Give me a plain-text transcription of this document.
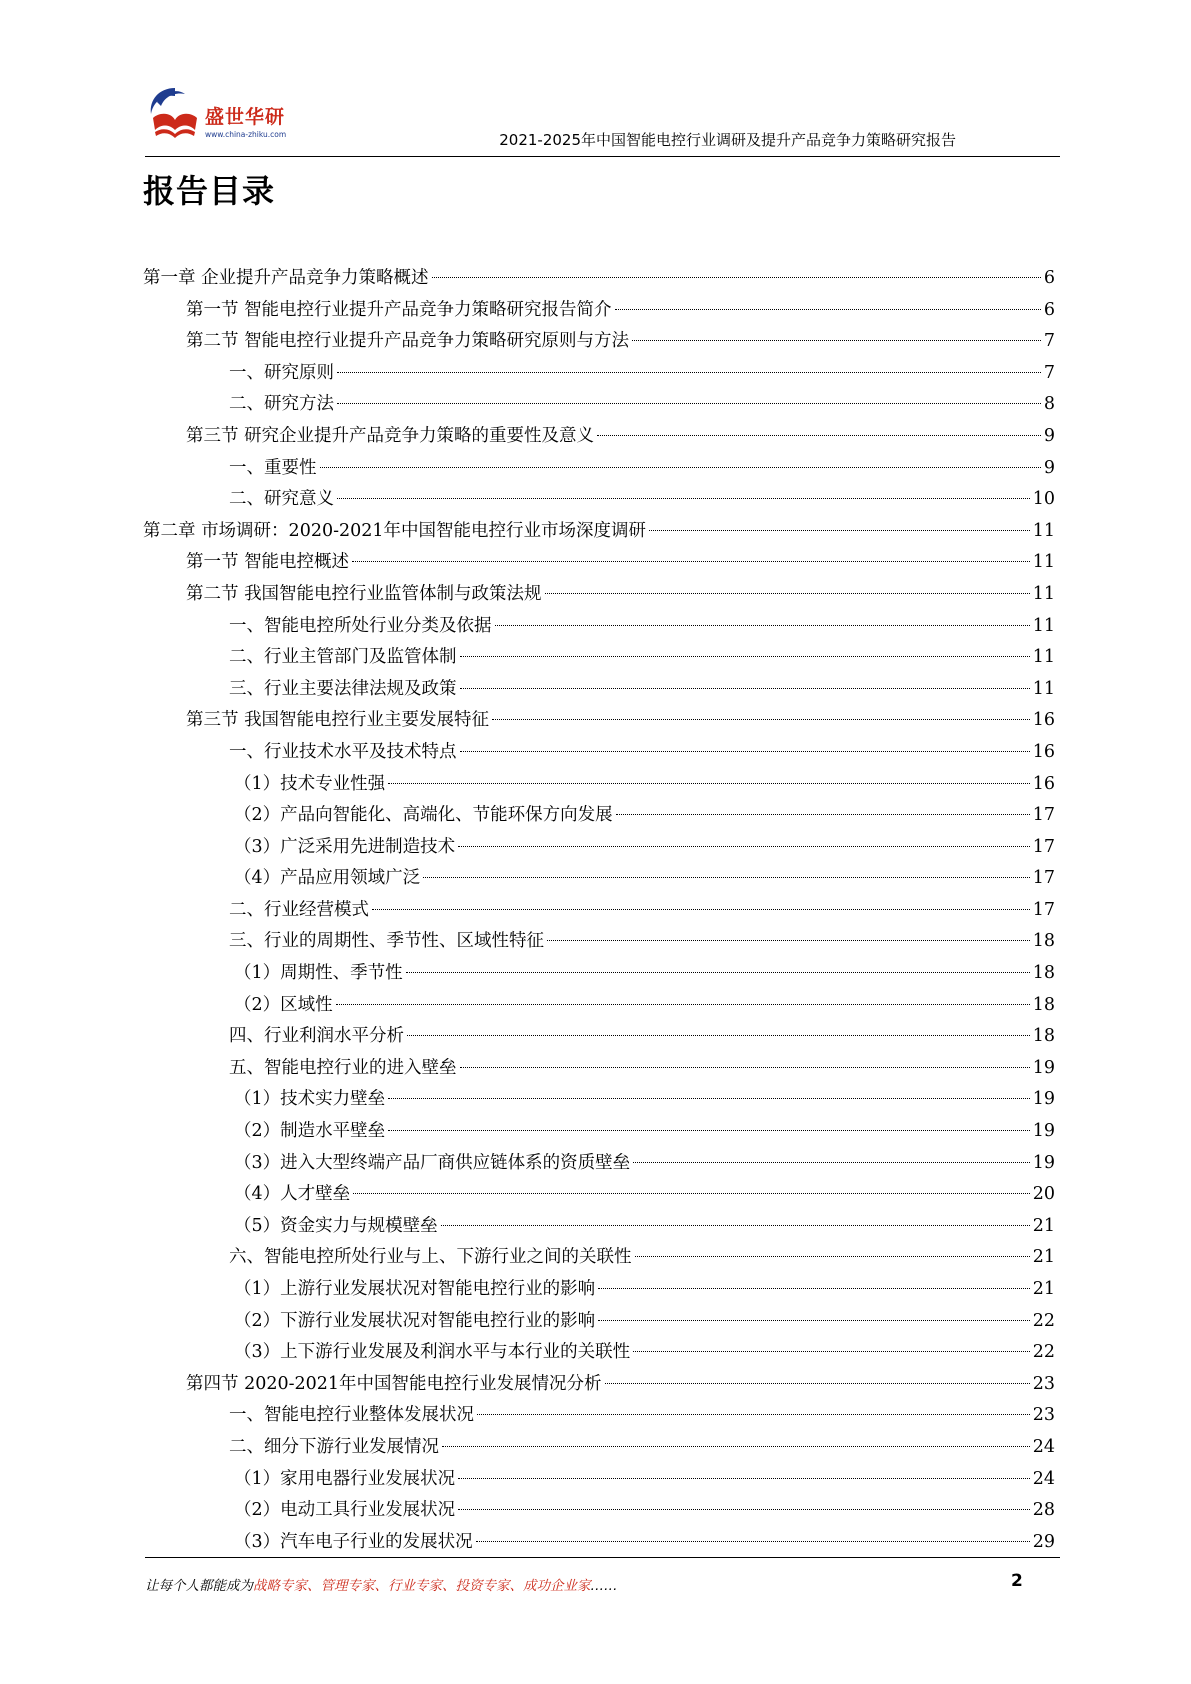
盛世华研
www.china-zhiku.com	2021-2025年中国智能电控行业调研及提升产品竞争力策略研究报告
报告目录
第一章 企业提升产品竞争力策略概述	6
第一节 智能电控行业提升产品竞争力策略研究报告简介	6
第二节 智能电控行业提升产品竞争力策略研究原则与方法	7
一、研究原则	7
二、研究方法	8
第三节 研究企业提升产品竞争力策略的重要性及意义	9
一、重要性	9
二、研究意义	10
第二章 市场调研：2020-2021年中国智能电控行业市场深度调研	11
第一节 智能电控概述	11
第二节 我国智能电控行业监管体制与政策法规	11
一、智能电控所处行业分类及依据	11
二、行业主管部门及监管体制	11
三、行业主要法律法规及政策	11
第三节 我国智能电控行业主要发展特征	16
一、行业技术水平及技术特点	16
（1）技术专业性强	16
（2）产品向智能化、高端化、节能环保方向发展	17
（3）广泛采用先进制造技术	17
（4）产品应用领域广泛	17
二、行业经营模式	17
三、行业的周期性、季节性、区域性特征	18
（1）周期性、季节性	18
（2）区域性	18
四、行业利润水平分析	18
五、智能电控行业的进入壁垒	19
（1）技术实力壁垒	19
（2）制造水平壁垒	19
（3）进入大型终端产品厂商供应链体系的资质壁垒	19
（4）人才壁垒	20
（5）资金实力与规模壁垒	21
六、智能电控所处行业与上、下游行业之间的关联性	21
（1）上游行业发展状况对智能电控行业的影响	21
（2）下游行业发展状况对智能电控行业的影响	22
（3）上下游行业发展及利润水平与本行业的关联性	22
第四节 2020-2021年中国智能电控行业发展情况分析	23
一、智能电控行业整体发展状况	23
二、细分下游行业发展情况	24
（1）家用电器行业发展状况	24
（2）电动工具行业发展状况	28
（3）汽车电子行业的发展状况	29
让每个人都能成为战略专家、管理专家、行业专家、投资专家、成功企业家……	2
